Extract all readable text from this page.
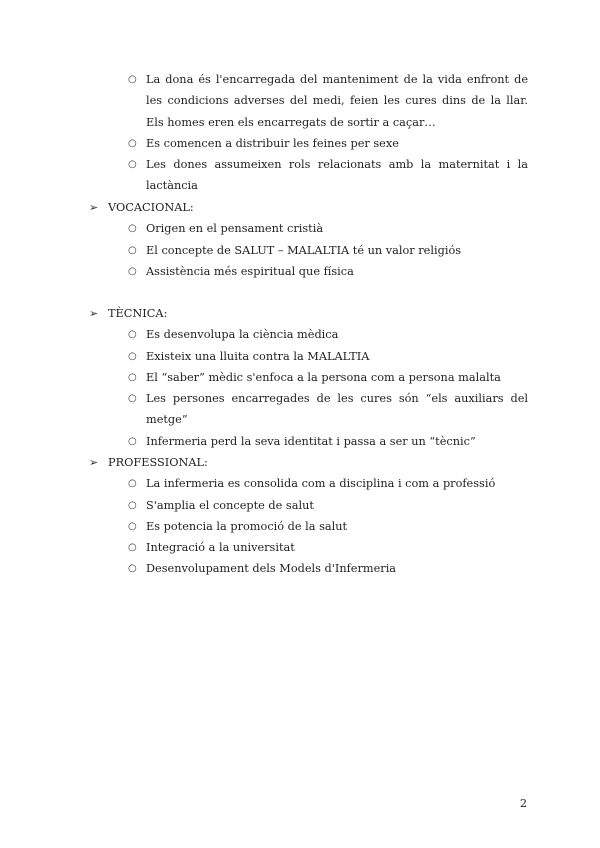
○ La dona és l'encarregada del manteniment de la vida enfront de les condicions adverses del medi, feien les cures dins de la llar. Els homes eren els encarregats de sortir a caçar…
○ Es comencen a distribuir les feines per sexe
○ Les dones assumeixen rols relacionats amb la maternitat i la lactància
➢ VOCACIONAL:
○ Origen en el pensament cristià
○ El concepte de SALUT – MALALTIA té un valor religiós
○ Assistència més espiritual que física
➢ TÈCNICA:
○ Es desenvolupa la ciència mèdica
○ Existeix una lluita contra la MALALTIA
○ El “saber” mèdic s'enfoca a la persona com a persona malalta
○ Les persones encarregades de les cures són “els auxiliars del metge”
○ Infermeria perd la seva identitat i passa a ser un “tècnic”
➢ PROFESSIONAL:
○ La infermeria es consolida com a disciplina i com a professió
○ S'amplia el concepte de salut
○ Es potencia la promoció de la salut
○ Integració a la universitat
○ Desenvolupament dels Models d'Infermeria
2
